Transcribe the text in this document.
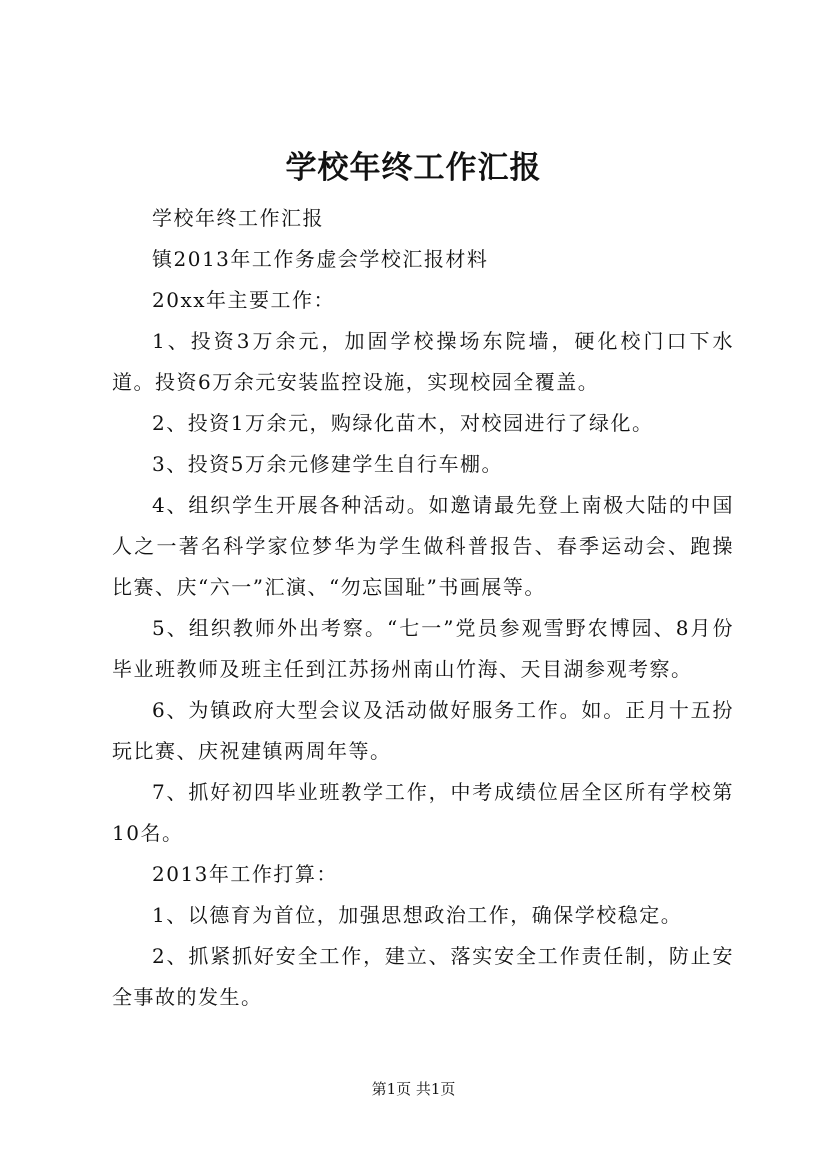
学校年终工作汇报

学校年终工作汇报

镇2013年工作务虚会学校汇报材料

20xx年主要工作：

1、投资3万余元，加固学校操场东院墙，硬化校门口下水道。投资6万余元安装监控设施，实现校园全覆盖。

2、投资1万余元，购绿化苗木，对校园进行了绿化。

3、投资5万余元修建学生自行车棚。

4、组织学生开展各种活动。如邀请最先登上南极大陆的中国人之一著名科学家位梦华为学生做科普报告、春季运动会、跑操比赛、庆“六一”汇演、“勿忘国耻”书画展等。

5、组织教师外出考察。“七一”党员参观雪野农博园、8月份毕业班教师及班主任到江苏扬州南山竹海、天目湖参观考察。

6、为镇政府大型会议及活动做好服务工作。如。正月十五扮玩比赛、庆祝建镇两周年等。

7、抓好初四毕业班教学工作，中考成绩位居全区所有学校第10名。

2013年工作打算：

1、以德育为首位，加强思想政治工作，确保学校稳定。

2、抓紧抓好安全工作，建立、落实安全工作责任制，防止安全事故的发生。

第1页 共1页
